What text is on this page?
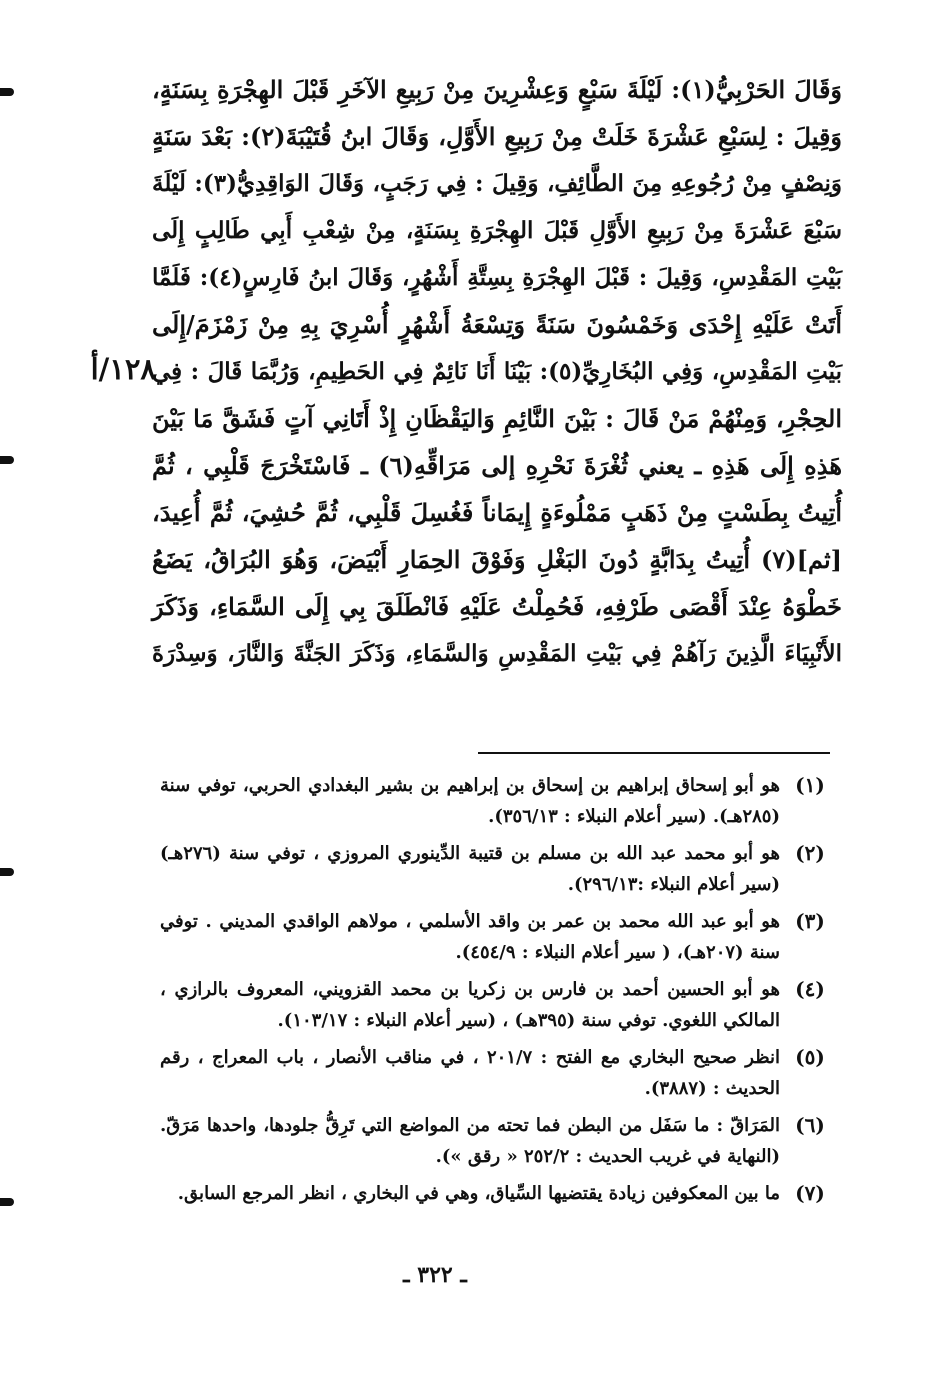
وَقَالَ الحَرْبِيُّ(١): لَيْلَةَ سَبْعٍ وَعِشْرِينَ مِنْ رَبِيعِ الآخَرِ قَبْلَ الهِجْرَةِ بِسَنَةٍ،
وَقِيلَ : لِسَبْعِ عَشْرَةَ خَلَتْ مِنْ رَبِيعِ الأَوَّلِ، وَقَالَ ابنُ قُتَيْبَةَ(٢): بَعْدَ سَنَةٍ
وَنِصْفٍ مِنْ رُجُوعِهِ مِنَ الطَّائِفِ، وَقِيلَ : فِي رَجَبٍ، وَقَالَ الوَاقِدِيُّ(٣): لَيْلَةَ
سَبْعَ عَشْرَةَ مِنْ رَبِيعِ الأَوَّلِ قَبْلَ الهِجْرَةِ بِسَنَةٍ، مِنْ شِعْبِ أَبِي طَالِبٍ إِلَى
بَيْتِ المَقْدِسِ، وَقِيلَ : قَبْلَ الهِجْرَةِ بِسِتَّةِ أَشْهُرٍ، وَقَالَ ابنُ فَارِسٍ(٤): فَلَمَّا
أَتَتْ عَلَيْهِ إِحْدَى وَخَمْسُونَ سَنَةً وَتِسْعَةُ أَشْهُرٍ أُسْرِيَ بِهِ مِنْ زَمْزَمَ/إِلَى
بَيْتِ المَقْدِسِ، وَفِي البُخَارِيِّ(٥): بَيْنَا أَنَا نَائِمٌ فِي الحَطِيمِ، وَرُبَّمَا قَالَ : فِي
الحِجْرِ، وَمِنْهُمْ مَنْ قَالَ : بَيْنَ النَّائِمِ وَاليَقْظَانِ إِذْ أَتَانِي آتٍ فَشَقَّ مَا بَيْنَ
هَذِهِ إِلَى هَذِهِ ـ يعني ثُغْرَةَ نَحْرِهِ إلى مَرَاقِّهِ(٦) ـ فَاسْتَخْرَجَ قَلْبِي ، ثُمَّ
أُتِيتُ بِطَسْتٍ مِنْ ذَهَبٍ مَمْلُوءَةٍ إِيمَاناً فَغُسِلَ قَلْبِي، ثُمَّ حُشِيَ، ثُمَّ أُعِيدَ،
[ثم](٧) أُتِيتُ بِدَابَّةٍ دُونَ البَغْلِ وَفَوْقَ الحِمَارِ أَبْيَضَ، وَهُوَ البُرَاقُ، يَضَعُ
خَطْوَهُ عِنْدَ أَقْصَى طَرْفِهِ، فَحُمِلْتُ عَلَيْهِ فَانْطَلَقَ بِي إِلَى السَّمَاءِ، وَذَكَرَ
الأَنْبِيَاءَ الَّذِينَ رَآهُمْ فِي بَيْتِ المَقْدِسِ وَالسَّمَاءِ، وَذَكَرَ الجَنَّةَ وَالنَّارَ، وَسِدْرَةَ
١٢٨/أ
(١)
هو أبو إسحاق إبراهيم بن إسحاق بن إبراهيم بن بشير البغدادي الحربي، توفي سنة (٢٨٥هـ). (سير أعلام النبلاء : ٣٥٦/١٣).
(٢)
هو أبو محمد عبد الله بن مسلم بن قتيبة الدِّينوري المروزي ، توفي سنة (٢٧٦هـ) (سير أعلام النبلاء :٢٩٦/١٣).
(٣)
هو أبو عبد الله محمد بن عمر بن واقد الأسلمي ، مولاهم الواقدي المديني . توفي سنة (٢٠٧هـ)، ( سير أعلام النبلاء : ٤٥٤/٩).
(٤)
هو أبو الحسين أحمد بن فارس بن زكريا بن محمد القزويني، المعروف بالرازي ، المالكي اللغوي. توفي سنة (٣٩٥هـ) ، (سير أعلام النبلاء : ١٠٣/١٧).
(٥)
انظر صحيح البخاري مع الفتح : ٢٠١/٧ ، في مناقب الأنصار ، باب المعراج ، رقم الحديث : (٣٨٨٧).
(٦)
المَرَاقّ : ما سَفَل من البطن فما تحته من المواضع التي تَرِقُّ جلودها، واحدها مَرَقّ. (النهاية في غريب الحديث : ٢٥٢/٢ « رقق »).
(٧)
ما بين المعكوفين زيادة يقتضيها السِّياق، وهي في البخاري ، انظر المرجع السابق.
ـ ٣٢٢ ـ
